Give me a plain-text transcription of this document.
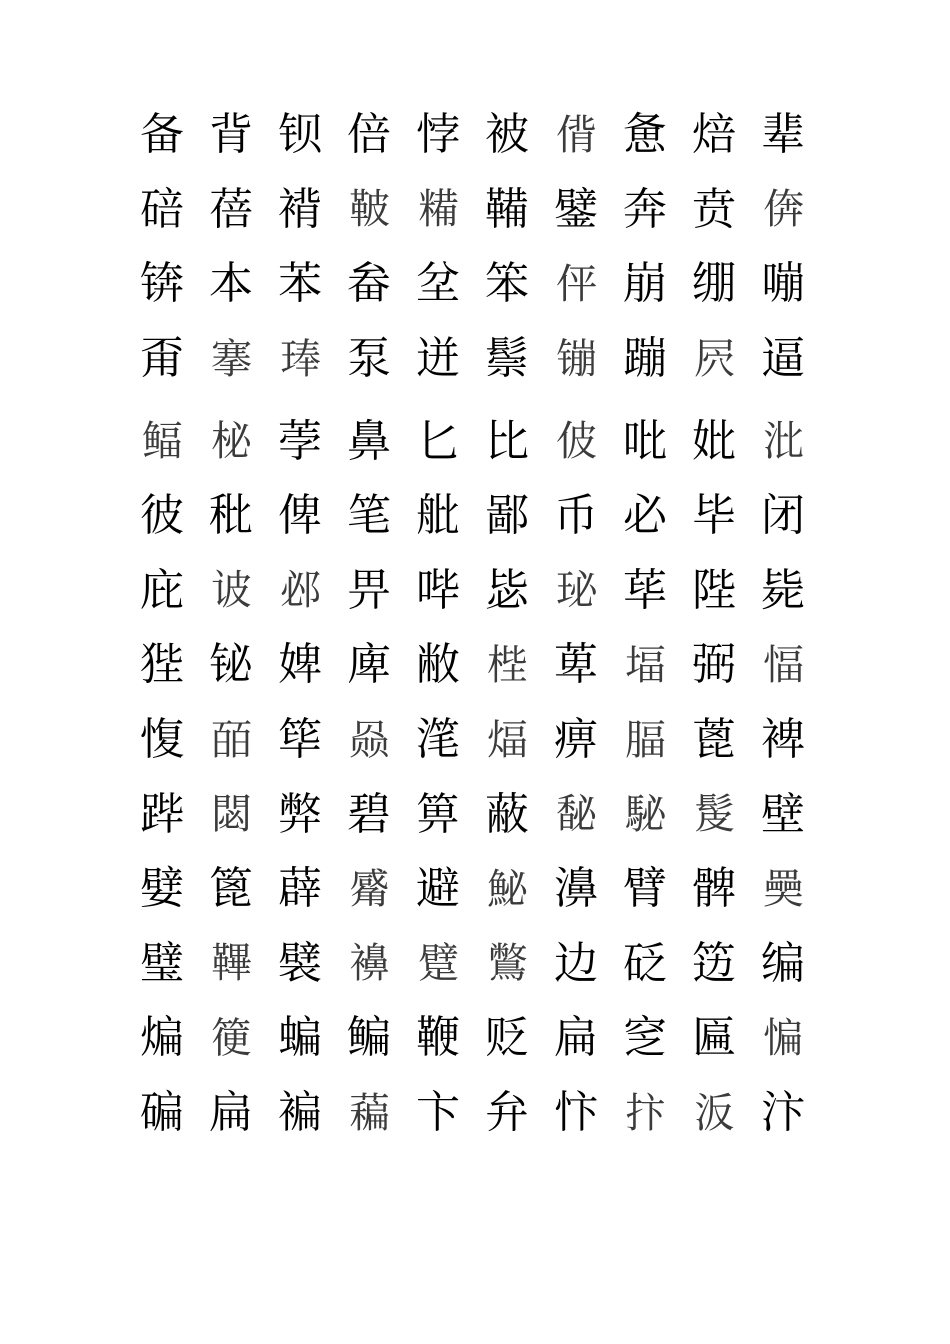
备 背 钡 倍 悖 被 偝 惫 焙 辈
碚 蓓 褙 鞁 糒 鞴 鐾 奔 贲 倴
锛 本 苯 畚 坌 笨 伻 崩 绷 嘣
甭 搴 琫 泵 迸 鬃 镚 蹦 屄 逼
鲾 柲 荸 鼻 匕 比 佊 吡 妣 沘
彼 秕 俾 笔 舭 鄙 币 必 毕 闭
庇 诐 邲 畀 哔 毖 珌 荜 陛 毙
狴 铋 婢 庳 敝 梐 萆 堛 弼 愊
愎 皕 筚 赑 滗 煏 痹 腷 蓖 裨
跸 閟 弊 碧 箅 蔽 馝 駜 髲 壁
嬖 篦 薜 觱 避 鮅 濞 臂 髀 奰
璧 鞸 襞 襣 躄 鷩 边 砭 笾 编
煸 箯 蝙 鳊 鞭 贬 扁 窆 匾 惼
碥 扁 褊 藊 卞 弁 忭 抃 汳 汴
